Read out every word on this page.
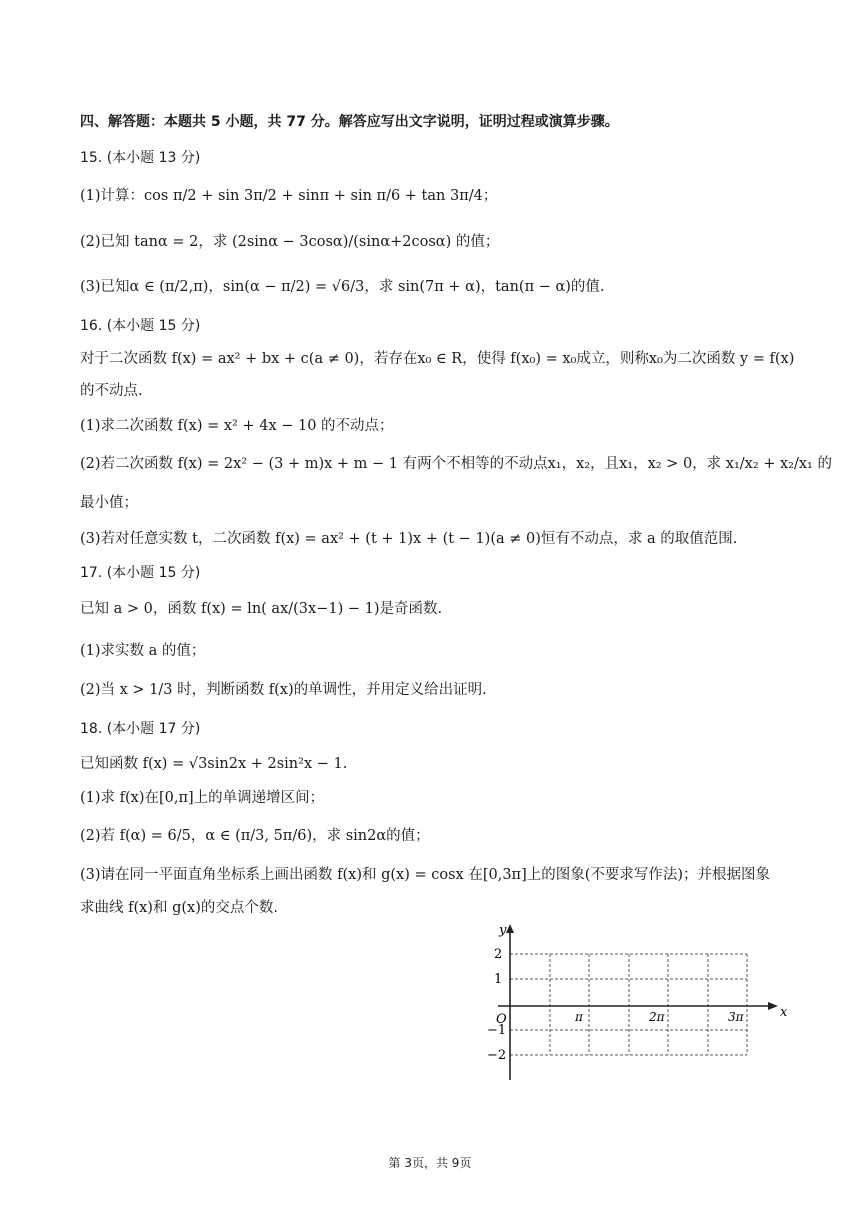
四、解答题：本题共 5 小题，共 77 分。解答应写出文字说明，证明过程或演算步骤。
15. (本小题 13 分)
(1)计算：cos π/2 + sin 3π/2 + sinπ + sin π/6 + tan 3π/4；
(2)已知 tanα = 2，求 (2sinα − 3cosα)/(sinα+2cosα) 的值；
(3)已知α ∈ (π/2,π)，sin(α − π/2) = √6/3，求 sin(7π + α)，tan(π − α)的值.
16. (本小题 15 分)
对于二次函数 f(x) = ax² + bx + c(a ≠ 0)，若存在x₀ ∈ R，使得 f(x₀) = x₀成立，则称x₀为二次函数 y = f(x)
的不动点.
(1)求二次函数 f(x) = x² + 4x − 10 的不动点；
(2)若二次函数 f(x) = 2x² − (3 + m)x + m − 1 有两个不相等的不动点x₁，x₂，且x₁，x₂ > 0，求 x₁/x₂ + x₂/x₁ 的
最小值；
(3)若对任意实数 t，二次函数 f(x) = ax² + (t + 1)x + (t − 1)(a ≠ 0)恒有不动点，求 a 的取值范围.
17. (本小题 15 分)
已知 a > 0，函数 f(x) = ln( ax/(3x−1) − 1)是奇函数.
(1)求实数 a 的值；
(2)当 x > 1/3 时，判断函数 f(x)的单调性，并用定义给出证明.
18. (本小题 17 分)
已知函数 f(x) = √3sin2x + 2sin²x − 1.
(1)求 f(x)在[0,π]上的单调递增区间；
(2)若 f(α) = 6/5，α ∈ (π/3, 5π/6)，求 sin2α的值；
(3)请在同一平面直角坐标系上画出函数 f(x)和 g(x) = cosx 在[0,3π]上的图象(不要求写作法)；并根据图象
求曲线 f(x)和 g(x)的交点个数.
y
x
O
2
1
−1
−2
π	2π	3π
第 3页，共 9页
